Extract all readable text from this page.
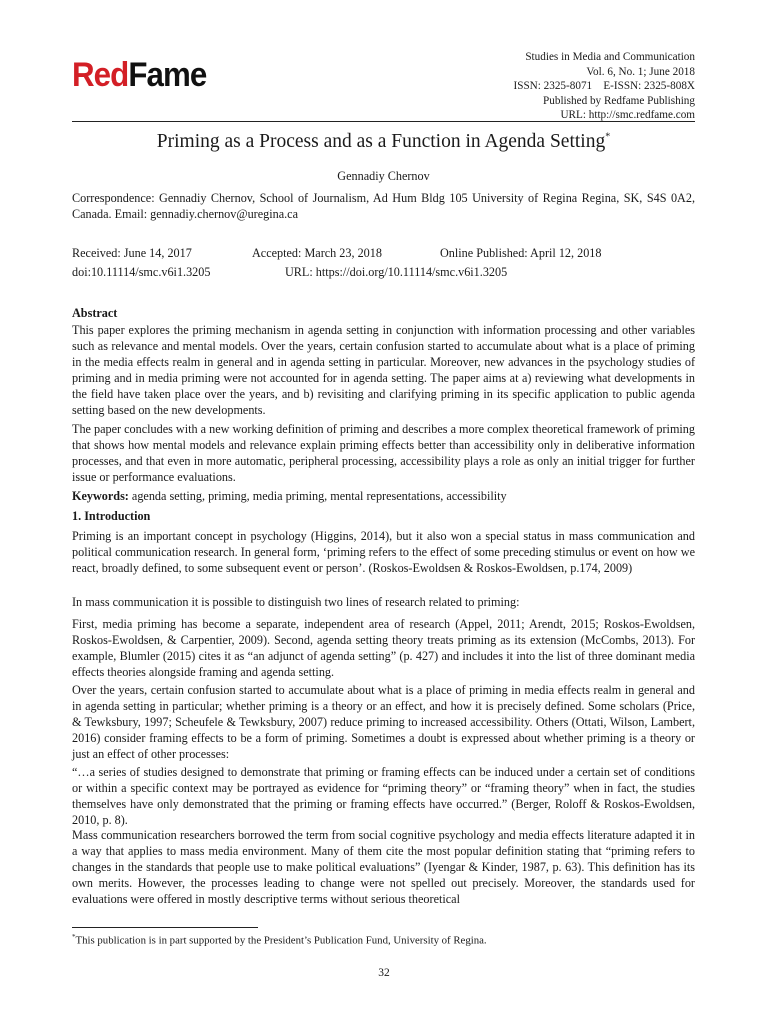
RedFame	Studies in Media and Communication
Vol. 6, No. 1; June 2018
ISSN: 2325-8071    E-ISSN: 2325-808X
Published by Redfame Publishing
URL: http://smc.redfame.com
Priming as a Process and as a Function in Agenda Setting*
Gennadiy Chernov
Correspondence: Gennadiy Chernov, School of Journalism, Ad Hum Bldg 105 University of Regina Regina, SK, S4S 0A2, Canada. Email: gennadiy.chernov@uregina.ca
Received: June 14, 2017	Accepted: March 23, 2018	Online Published: April 12, 2018
doi:10.11114/smc.v6i1.3205	URL: https://doi.org/10.11114/smc.v6i1.3205
Abstract

This paper explores the priming mechanism in agenda setting in conjunction with information processing and other variables such as relevance and mental models. Over the years, certain confusion started to accumulate about what is a place of priming in the media effects realm in general and in agenda setting in particular. Moreover, new advances in the psychology studies of priming and in media priming were not accounted for in agenda setting. The paper aims at a) reviewing what developments in the field have taken place over the years, and b) revisiting and clarifying priming in its specific application to public agenda setting based on the new developments.

The paper concludes with a new working definition of priming and describes a more complex theoretical framework of priming that shows how mental models and relevance explain priming effects better than accessibility only in deliberative information processes, and that even in more automatic, peripheral processing, accessibility plays a role as only an initial trigger for further issue or performance evaluations.

Keywords: agenda setting, priming, media priming, mental representations, accessibility
1. Introduction

Priming is an important concept in psychology (Higgins, 2014), but it also won a special status in mass communication and political communication research. In general form, ‘priming refers to the effect of some preceding stimulus or event on how we react, broadly defined, to some subsequent event or person’. (Roskos-Ewoldsen & Roskos-Ewoldsen, p.174, 2009)

In mass communication it is possible to distinguish two lines of research related to priming:

First, media priming has become a separate, independent area of research (Appel, 2011; Arendt, 2015; Roskos-Ewoldsen, Roskos-Ewoldsen, & Carpentier, 2009). Second, agenda setting theory treats priming as its extension (McCombs, 2013). For example, Blumler (2015) cites it as “an adjunct of agenda setting” (p. 427) and includes it into the list of three dominant media effects theories alongside framing and agenda setting.

Over the years, certain confusion started to accumulate about what is a place of priming in media effects realm in general and in agenda setting in particular; whether priming is a theory or an effect, and how it is precisely defined. Some scholars (Price, & Tewksbury, 1997; Scheufele & Tewksbury, 2007) reduce priming to increased accessibility. Others (Ottati, Wilson, Lambert, 2016) consider framing effects to be a form of priming. Sometimes a doubt is expressed about whether priming is a theory or just an effect of other processes:

“…a series of studies designed to demonstrate that priming or framing effects can be induced under a certain set of conditions or within a specific context may be portrayed as evidence for “priming theory” or “framing theory” when in fact, the studies themselves have only demonstrated that the priming or framing effects have occurred.” (Berger, Roloff & Roskos-Ewoldsen, 2010, p. 8).

Mass communication researchers borrowed the term from social cognitive psychology and media effects literature adapted it in a way that applies to mass media environment. Many of them cite the most popular definition stating that “priming refers to changes in the standards that people use to make political evaluations” (Iyengar & Kinder, 1987, p. 63). This definition has its own merits. However, the processes leading to change were not spelled out precisely. Moreover, the standards used for evaluations were offered in mostly descriptive terms without serious theoretical

*This publication is in part supported by the President’s Publication Fund, University of Regina.
32
